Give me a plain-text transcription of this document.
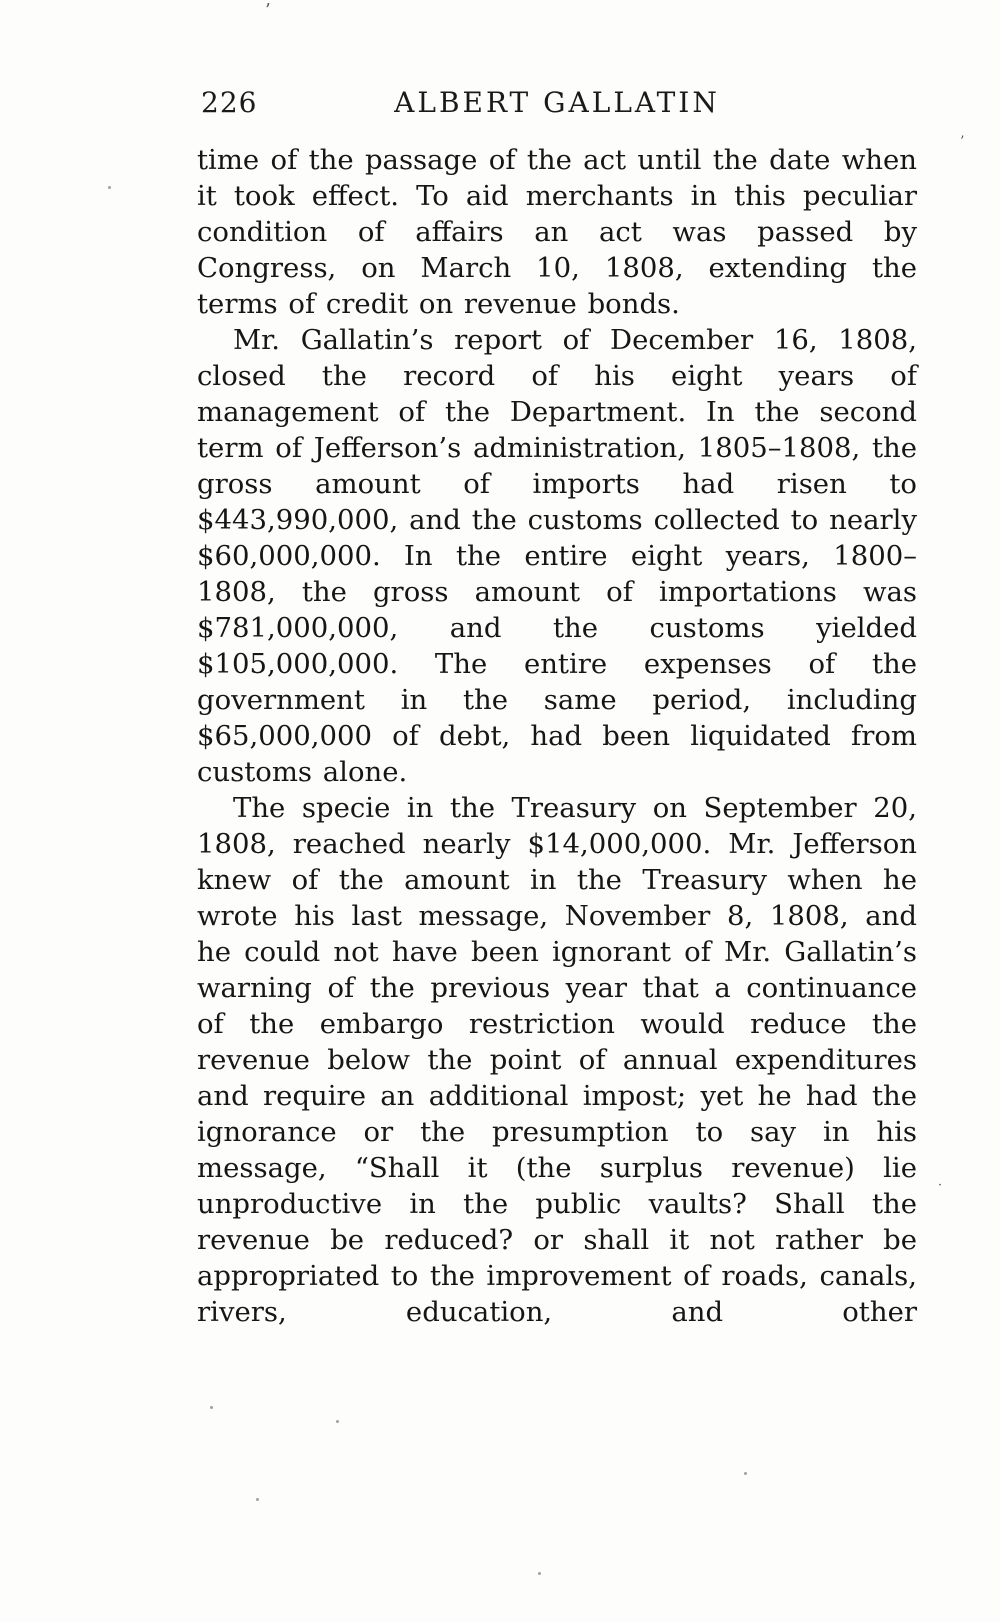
226	ALBERT GALLATIN

time of the passage of the act until the date when it took effect. To aid merchants in this peculiar condition of affairs an act was passed by Congress, on March 10, 1808, extending the terms of credit on revenue bonds.

Mr. Gallatin’s report of December 16, 1808, closed the record of his eight years of management of the Department. In the second term of Jefferson’s administration, 1805–1808, the gross amount of imports had risen to $443,990,000, and the customs collected to nearly $60,000,000. In the entire eight years, 1800–1808, the gross amount of importations was $781,000,000, and the customs yielded $105,000,000. The entire expenses of the government in the same period, including $65,000,000 of debt, had been liquidated from customs alone.

The specie in the Treasury on September 20, 1808, reached nearly $14,000,000. Mr. Jefferson knew of the amount in the Treasury when he wrote his last message, November 8, 1808, and he could not have been ignorant of Mr. Gallatin’s warning of the previous year that a continuance of the embargo restriction would reduce the revenue below the point of annual expenditures and require an additional impost; yet he had the ignorance or the presumption to say in his message, “Shall it (the surplus revenue) lie unproductive in the public vaults? Shall the revenue be reduced? or shall it not rather be appropriated to the improvement of roads, canals, rivers, education, and other

’
’
·
